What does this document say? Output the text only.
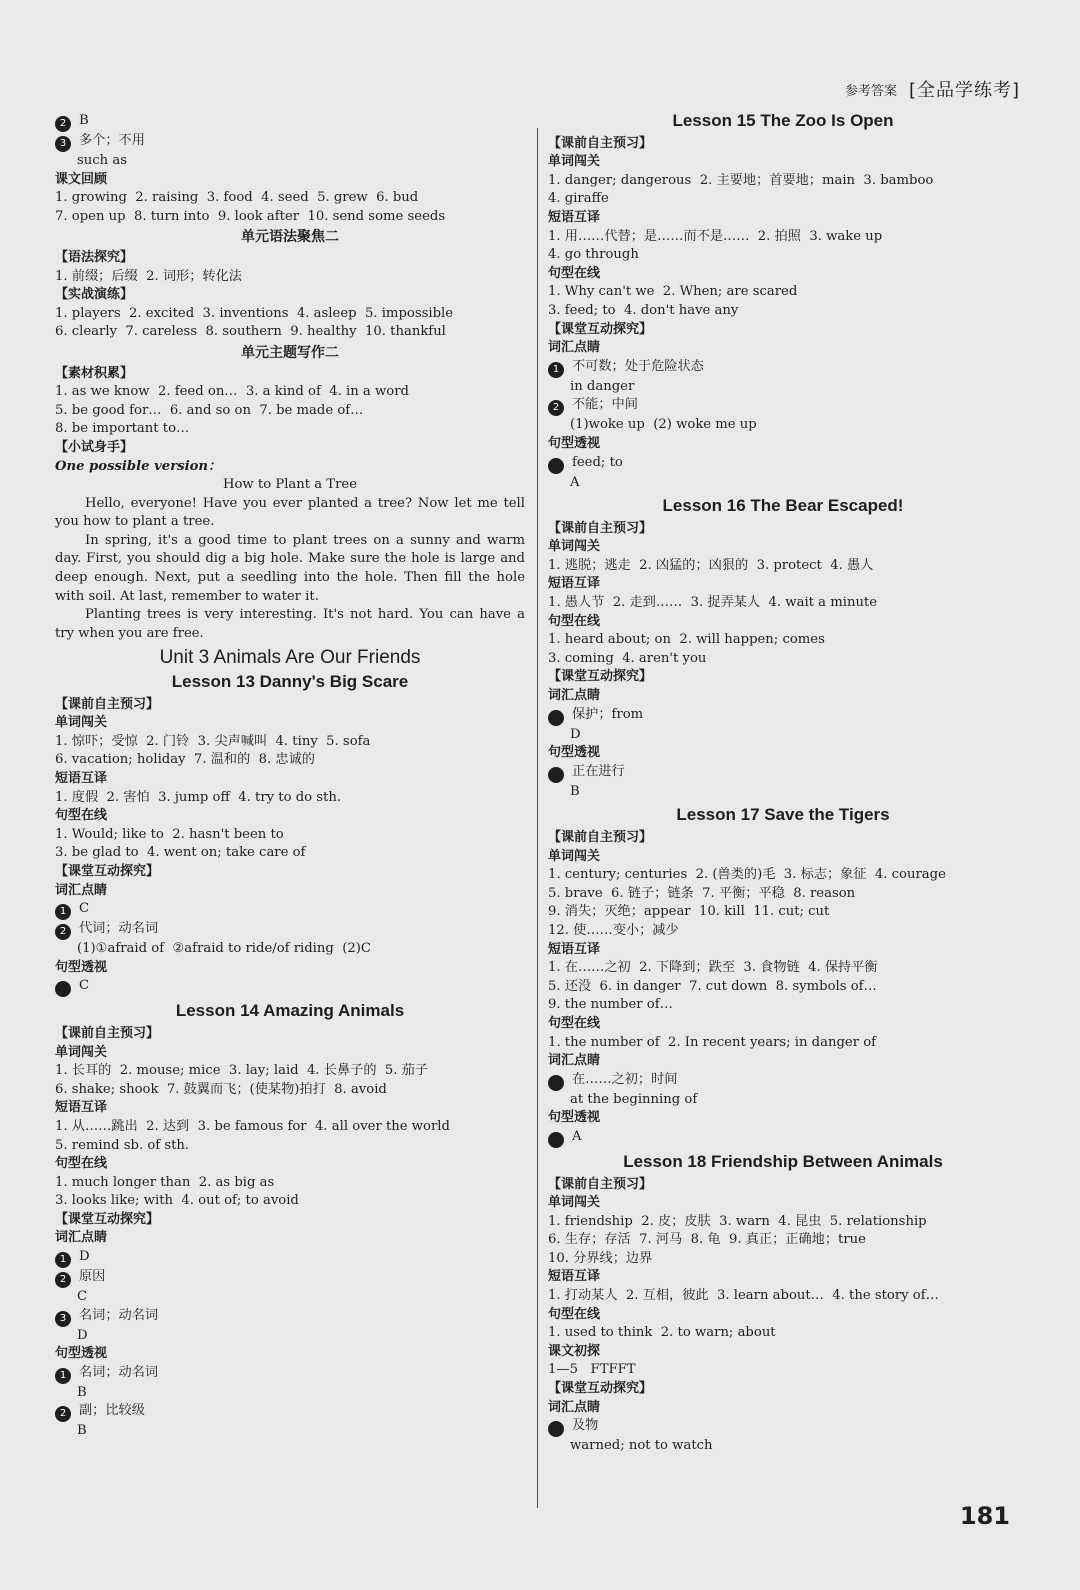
参考答案 [全品学练考]
2 B
3 多个；不用
such as
课文回顾
1. growing  2. raising  3. food  4. seed  5. grew  6. bud
7. open up  8. turn into  9. look after  10. send some seeds
单元语法聚焦二
【语法探究】
1. 前缀；后缀  2. 词形；转化法
【实战演练】
1. players  2. excited  3. inventions  4. asleep  5. impossible
6. clearly  7. careless  8. southern  9. healthy  10. thankful
单元主题写作二
【素材积累】
1. as we know  2. feed on…  3. a kind of  4. in a word
5. be good for…  6. and so on  7. be made of…
8. be important to…
【小试身手】
One possible version：
How to Plant a Tree
Hello, everyone! Have you ever planted a tree? Now let me tell you how to plant a tree.
In spring, it's a good time to plant trees on a sunny and warm day. First, you should dig a big hole. Make sure the hole is large and deep enough. Next, put a seedling into the hole. Then fill the hole with soil. At last, remember to water it.
Planting trees is very interesting. It's not hard. You can have a try when you are free.
Unit 3 Animals Are Our Friends
Lesson 13 Danny's Big Scare
【课前自主预习】
单词闯关
1. 惊吓；受惊  2. 门铃  3. 尖声喊叫  4. tiny  5. sofa
6. vacation; holiday  7. 温和的  8. 忠诚的
短语互译
1. 度假  2. 害怕  3. jump off  4. try to do sth.
句型在线
1. Would; like to  2. hasn't been to
3. be glad to  4. went on; take care of
【课堂互动探究】
词汇点睛
1 C
2 代词；动名词
(1)①afraid of  ②afraid to ride/of riding  (2)C
句型透视
C
Lesson 14 Amazing Animals
【课前自主预习】
单词闯关
1. 长耳的  2. mouse; mice  3. lay; laid  4. 长鼻子的  5. 茄子
6. shake; shook  7. 鼓翼而飞；(使某物)拍打  8. avoid
短语互译
1. 从……跳出  2. 达到  3. be famous for  4. all over the world
5. remind sb. of sth.
句型在线
1. much longer than  2. as big as
3. looks like; with  4. out of; to avoid
【课堂互动探究】
词汇点睛
1 D
2 原因
C
3 名词；动名词
D
句型透视
1 名词；动名词
B
2 副；比较级
B
Lesson 15 The Zoo Is Open
【课前自主预习】
单词闯关
1. danger; dangerous  2. 主要地；首要地；main  3. bamboo
4. giraffe
短语互译
1. 用……代替；是……而不是……  2. 拍照  3. wake up
4. go through
句型在线
1. Why can't we  2. When; are scared
3. feed; to  4. don't have any
【课堂互动探究】
词汇点睛
1 不可数；处于危险状态
in danger
2 不能；中间
(1)woke up  (2) woke me up
句型透视
feed; to
A
Lesson 16 The Bear Escaped!
【课前自主预习】
单词闯关
1. 逃脱；逃走  2. 凶猛的；凶狠的  3. protect  4. 愚人
短语互译
1. 愚人节  2. 走到……  3. 捉弄某人  4. wait a minute
句型在线
1. heard about; on  2. will happen; comes
3. coming  4. aren't you
【课堂互动探究】
词汇点睛
保护；from
D
句型透视
正在进行
B
Lesson 17 Save the Tigers
【课前自主预习】
单词闯关
1. century; centuries  2. (兽类的)毛  3. 标志；象征  4. courage
5. brave  6. 链子；链条  7. 平衡；平稳  8. reason
9. 消失；灭绝；appear  10. kill  11. cut; cut
12. 使……变小；减少
短语互译
1. 在……之初  2. 下降到；跌至  3. 食物链  4. 保持平衡
5. 还没  6. in danger  7. cut down  8. symbols of…
9. the number of…
句型在线
1. the number of  2. In recent years; in danger of
词汇点睛
在……之初；时间
at the beginning of
句型透视
A
Lesson 18 Friendship Between Animals
【课前自主预习】
单词闯关
1. friendship  2. 皮；皮肤  3. warn  4. 昆虫  5. relationship
6. 生存；存活  7. 河马  8. 龟  9. 真正；正确地；true
10. 分界线；边界
短语互译
1. 打动某人  2. 互相，彼此  3. learn about…  4. the story of…
句型在线
1. used to think  2. to warn; about
课文初探
1—5   FTFFT
【课堂互动探究】
词汇点睛
及物
warned; not to watch
181
